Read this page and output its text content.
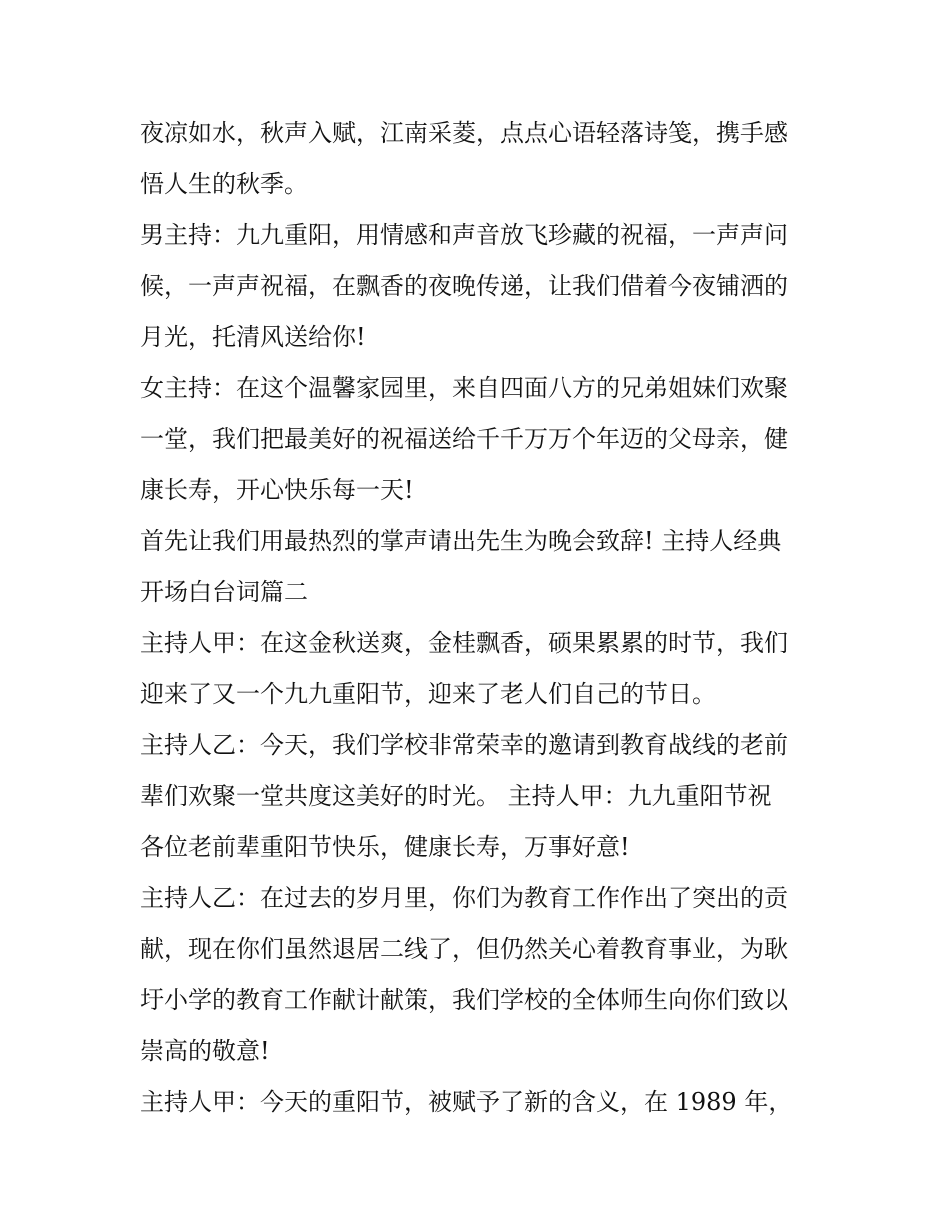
夜凉如水，秋声入赋，江南采菱，点点心语轻落诗笺，携手感
悟人生的秋季。
男主持：九九重阳，用情感和声音放飞珍藏的祝福，一声声问
候，一声声祝福，在飘香的夜晚传递，让我们借着今夜铺洒的
月光，托清风送给你!
女主持：在这个温馨家园里，来自四面八方的兄弟姐妹们欢聚
一堂，我们把最美好的祝福送给千千万万个年迈的父母亲，健
康长寿，开心快乐每一天!
首先让我们用最热烈的掌声请出先生为晚会致辞! 主持人经典
开场白台词篇二
主持人甲：在这金秋送爽，金桂飘香，硕果累累的时节，我们
迎来了又一个九九重阳节，迎来了老人们自己的节日。
主持人乙：今天，我们学校非常荣幸的邀请到教育战线的老前
辈们欢聚一堂共度这美好的时光。 主持人甲：九九重阳节祝
各位老前辈重阳节快乐，健康长寿，万事好意!
主持人乙：在过去的岁月里，你们为教育工作作出了突出的贡
献，现在你们虽然退居二线了，但仍然关心着教育事业，为耿
圩小学的教育工作献计献策，我们学校的全体师生向你们致以
崇高的敬意!
主持人甲：今天的重阳节，被赋予了新的含义，在 1989 年，
